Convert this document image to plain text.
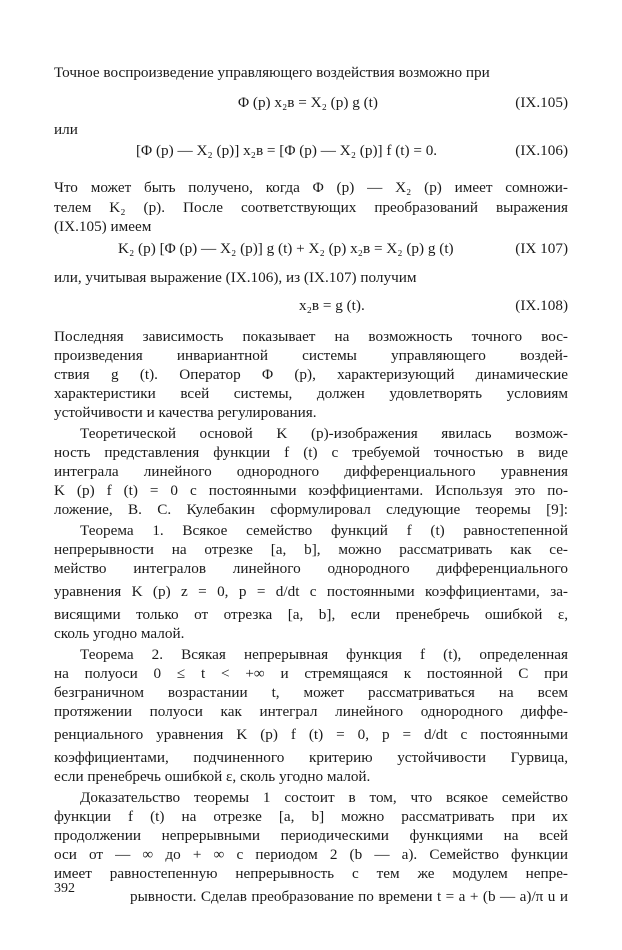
Точное воспроизведение управляющего воздействия возможно при
Φ (p) x₂в = X₂ (p) g (t)	(IX.105)
или
[Φ (p) — X₂ (p)] x₂в = [Φ (p) — X₂ (p)] f (t) = 0.	(IX.106)
Что может быть получено, когда Φ (p) — X₂ (p) имеет сомножи-
телем K₂ (p). После соответствующих преобразований выражения
(IX.105) имеем
K₂ (p) [Φ (p) — X₂ (p)] g (t) + X₂ (p) x₂в = X₂ (p) g (t)	(IX 107)
или, учитывая выражение (IX.106), из (IX.107) получим
x₂в = g (t).	(IX.108)
Последняя зависимость показывает на возможность точного вос-
произведения инвариантной системы управляющего воздей-
ствия g (t). Оператор Φ (p), характеризующий динамические
характеристики всей системы, должен удовлетворять условиям
устойчивости и качества регулирования.
Теоретической основой K (p)-изображения явилась возмож-
ность представления функции f (t) с требуемой точностью в виде
интеграла линейного однородного дифференциального уравнения
K (p) f (t) = 0 с постоянными коэффициентами. Используя это по-
ложение, В. С. Кулебакин сформулировал следующие теоремы [9]:
Теорема 1. Всякое семейство функций f (t) равностепенной
непрерывности на отрезке [a, b], можно рассматривать как се-
мейство интегралов линейного однородного дифференциального
уравнения K (p) z = 0, p = d/dt с постоянными коэффициентами, за-
висящими только от отрезка [a, b], если пренебречь ошибкой ε,
сколь угодно малой.
Теорема 2. Всякая непрерывная функция f (t), определенная
на полуоси 0 ≤ t < +∞ и стремящаяся к постоянной C при
безграничном возрастании t, может рассматриваться на всем
протяжении полуоси как интеграл линейного однородного диффе-
ренциального уравнения K (p) f (t) = 0, p = d/dt с постоянными
коэффициентами, подчиненного критерию устойчивости Гурвица,
если пренебречь ошибкой ε, сколь угодно малой.
Доказательство теоремы 1 состоит в том, что всякое семейство
функции f (t) на отрезке [a, b] можно рассматривать при их
продолжении непрерывными периодическими функциями на всей
оси от — ∞ до + ∞ с периодом 2 (b — a). Семейство функции
имеет равностепенную непрерывность с тем же модулем непре-
рывности. Сделав преобразование по времени t = a + (b — a)/π u и
392
